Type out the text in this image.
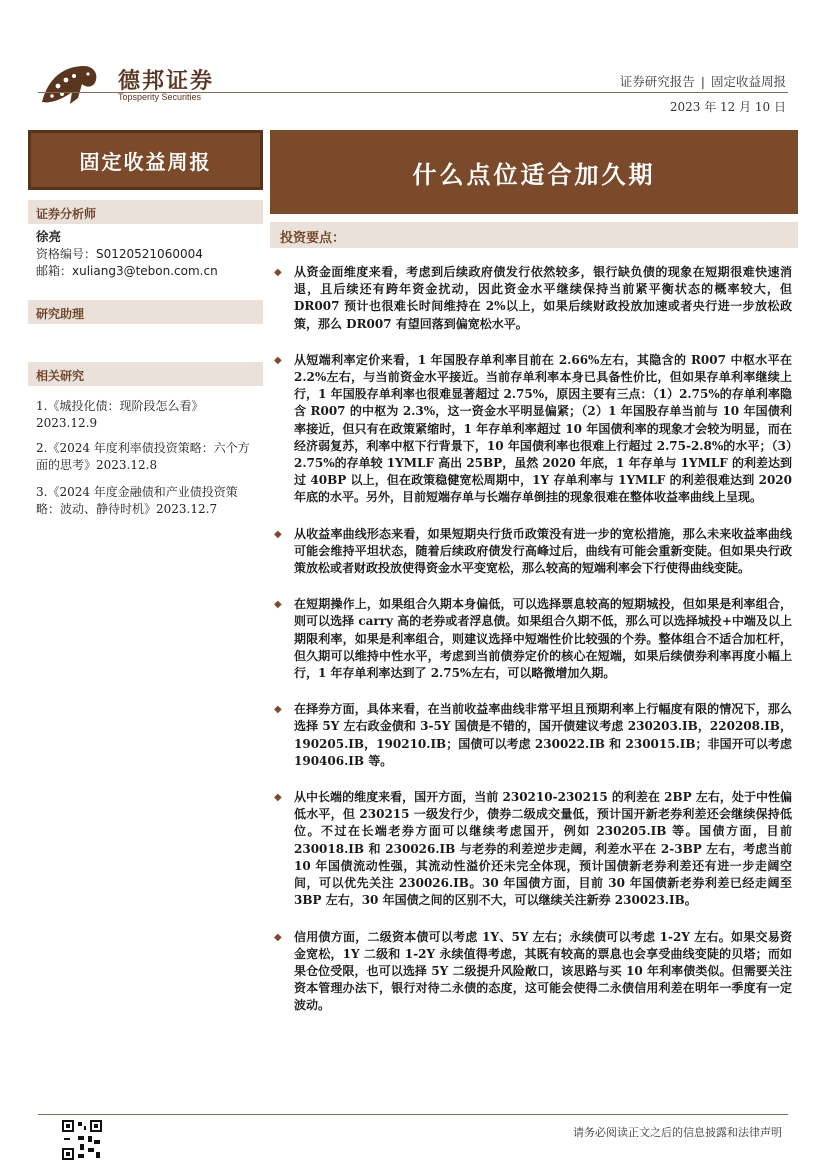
德邦证券
Topsperity Securities
证券研究报告 | 固定收益周报
2023 年 12 月 10 日
固定收益周报	什么点位适合加久期
证券分析师
徐亮
资格编号：S0120521060004
邮箱：xuliang3@tebon.com.cn
研究助理
相关研究
1.《城投化债：现阶段怎么看》2023.12.9
2.《2024 年度利率债投资策略：六个方面的思考》2023.12.8
3.《2024 年度金融债和产业债投资策略：波动、静待时机》2023.12.7
投资要点：

◆ 从资金面维度来看，考虑到后续政府债发行依然较多，银行缺负债的现象在短期很难快速消退，且后续还有跨年资金扰动，因此资金水平继续保持当前紧平衡状态的概率较大，但 DR007 预计也很难长时间维持在 2%以上，如果后续财政投放加速或者央行进一步放松政策，那么 DR007 有望回落到偏宽松水平。

◆ 从短端利率定价来看，1 年国股存单利率目前在 2.66%左右，其隐含的 R007 中枢水平在 2.2%左右，与当前资金水平接近。当前存单利率本身已具备性价比，但如果存单利率继续上行，1 年国股存单利率也很难显著超过 2.75%，原因主要有三点：（1）2.75%的存单利率隐含 R007 的中枢为 2.3%，这一资金水平明显偏紧；（2）1 年国股存单当前与 10 年国债利率接近，但只有在政策紧缩时，1 年存单利率超过 10 年国债利率的现象才会较为明显，而在经济弱复苏，利率中枢下行背景下，10 年国债利率也很难上行超过 2.75-2.8%的水平；（3）2.75%的存单较 1YMLF 高出 25BP，虽然 2020 年底，1 年存单与 1YMLF 的利差达到过 40BP 以上，但在政策稳健宽松周期中，1Y 存单利率与 1YMLF 的利差很难达到 2020 年底的水平。另外，目前短端存单与长端存单倒挂的现象很难在整体收益率曲线上呈现。

◆ 从收益率曲线形态来看，如果短期央行货币政策没有进一步的宽松措施，那么未来收益率曲线可能会维持平坦状态，随着后续政府债发行高峰过后，曲线有可能会重新变陡。但如果央行政策放松或者财政投放使得资金水平变宽松，那么较高的短端利率会下行使得曲线变陡。

◆ 在短期操作上，如果组合久期本身偏低，可以选择票息较高的短期城投，但如果是利率组合，则可以选择 carry 高的老券或者浮息债。如果组合久期不低，那么可以选择城投+中端及以上期限利率，如果是利率组合，则建议选择中短端性价比较强的个券。整体组合不适合加杠杆，但久期可以维持中性水平，考虑到当前债券定价的核心在短端，如果后续债券利率再度小幅上行，1 年存单利率达到了 2.75%左右，可以略微增加久期。

◆ 在择券方面，具体来看，在当前收益率曲线非常平坦且预期利率上行幅度有限的情况下，那么选择 5Y 左右政金债和 3-5Y 国债是不错的，国开债建议考虑 230203.IB，220208.IB，190205.IB，190210.IB；国债可以考虑 230022.IB 和 230015.IB；非国开可以考虑 190406.IB 等。

◆ 从中长端的维度来看，国开方面，当前 230210-230215 的利差在 2BP 左右，处于中性偏低水平，但 230215 一级发行少，债券二级成交量低，预计国开新老券利差还会继续保持低位。不过在长端老券方面可以继续考虑国开，例如 230205.IB 等。国债方面，目前 230018.IB 和 230026.IB 与老券的利差逆步走阔，利差水平在 2-3BP 左右，考虑当前 10 年国债流动性强，其流动性溢价还未完全体现，预计国债新老券利差还有进一步走阔空间，可以优先关注 230026.IB。30 年国债方面，目前 30 年国债新老券利差已经走阔至 3BP 左右，30 年国债之间的区别不大，可以继续关注新券 230023.IB。

◆ 信用债方面，二级资本债可以考虑 1Y、5Y 左右；永续债可以考虑 1-2Y 左右。如果交易资金宽松，1Y 二级和 1-2Y 永续值得考虑，其既有较高的票息也会享受曲线变陡的贝塔；而如果仓位受限，也可以选择 5Y 二级提升风险敞口，该思路与买 10 年利率债类似。但需要关注资本管理办法下，银行对待二永债的态度，这可能会使得二永债信用利差在明年一季度有一定波动。

请务必阅读正文之后的信息披露和法律声明
